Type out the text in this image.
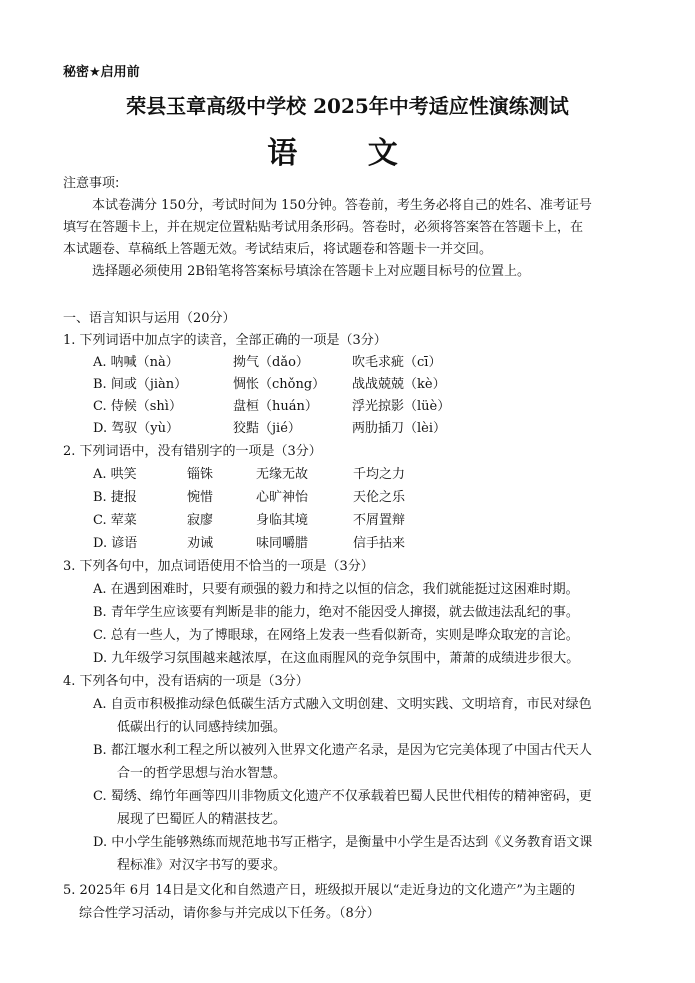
秘密★启用前
荣县玉章高级中学校 2025年中考适应性演练测试
语 文
注意事项:
本试卷满分 150分，考试时间为 150分钟。答卷前，考生务必将自己的姓名、准考证号
填写在答题卡上，并在规定位置粘贴考试用条形码。答卷时，必须将答案答在答题卡上，在
本试题卷、草稿纸上答题无效。考试结束后，将试题卷和答题卡一并交回。
选择题必须使用 2B铅笔将答案标号填涂在答题卡上对应题目标号的位置上。
一、语言知识与运用（20分）
1. 下列词语中加点字的读音，全部正确的一项是（3分）
A. 呐喊（nà）	拗气（dǎo）	吹毛求疵（cī）
B. 间或（jiàn）	惆怅（chǒng） 战战兢兢（kè）
C. 侍候（shì）	盘桓（huán）	浮光掠影（lüè）
D. 驾驭（yù）	狡黠（jié）	两肋插刀（lèi）
2. 下列词语中，没有错别字的一项是（3分）
A. 哄笑	锱铢	无缘无故	千均之力
B. 捷报	惋惜	心旷神怡	天伦之乐
C. 荤菜	寂廖	身临其境	不屑置辩
D. 谚语	劝诫	味同嚼腊	信手拈来
3. 下列各句中，加点词语使用不恰当的一项是（3分）
A. 在遇到困难时，只要有顽强的毅力和持之以恒的信念，我们就能挺过这困难时期。
B. 青年学生应该要有判断是非的能力，绝对不能因受人撺掇，就去做违法乱纪的事。
C. 总有一些人，为了博眼球，在网络上发表一些看似新奇，实则是哗众取宠的言论。
D. 九年级学习氛围越来越浓厚，在这血雨腥风的竞争氛围中，萧萧的成绩进步很大。
4. 下列各句中，没有语病的一项是（3分）
A. 自贡市积极推动绿色低碳生活方式融入文明创建、文明实践、文明培育，市民对绿色
低碳出行的认同感持续加强。
B. 都江堰水利工程之所以被列入世界文化遗产名录，是因为它完美体现了中国古代天人
合一的哲学思想与治水智慧。
C. 蜀绣、绵竹年画等四川非物质文化遗产不仅承载着巴蜀人民世代相传的精神密码，更
展现了巴蜀匠人的精湛技艺。
D. 中小学生能够熟练而规范地书写正楷字，是衡量中小学生是否达到《义务教育语文课
程标准》对汉字书写的要求。
5. 2025年 6月 14日是文化和自然遗产日，班级拟开展以“走近身边的文化遗产”为主题的
综合性学习活动，请你参与并完成以下任务。（8分）
